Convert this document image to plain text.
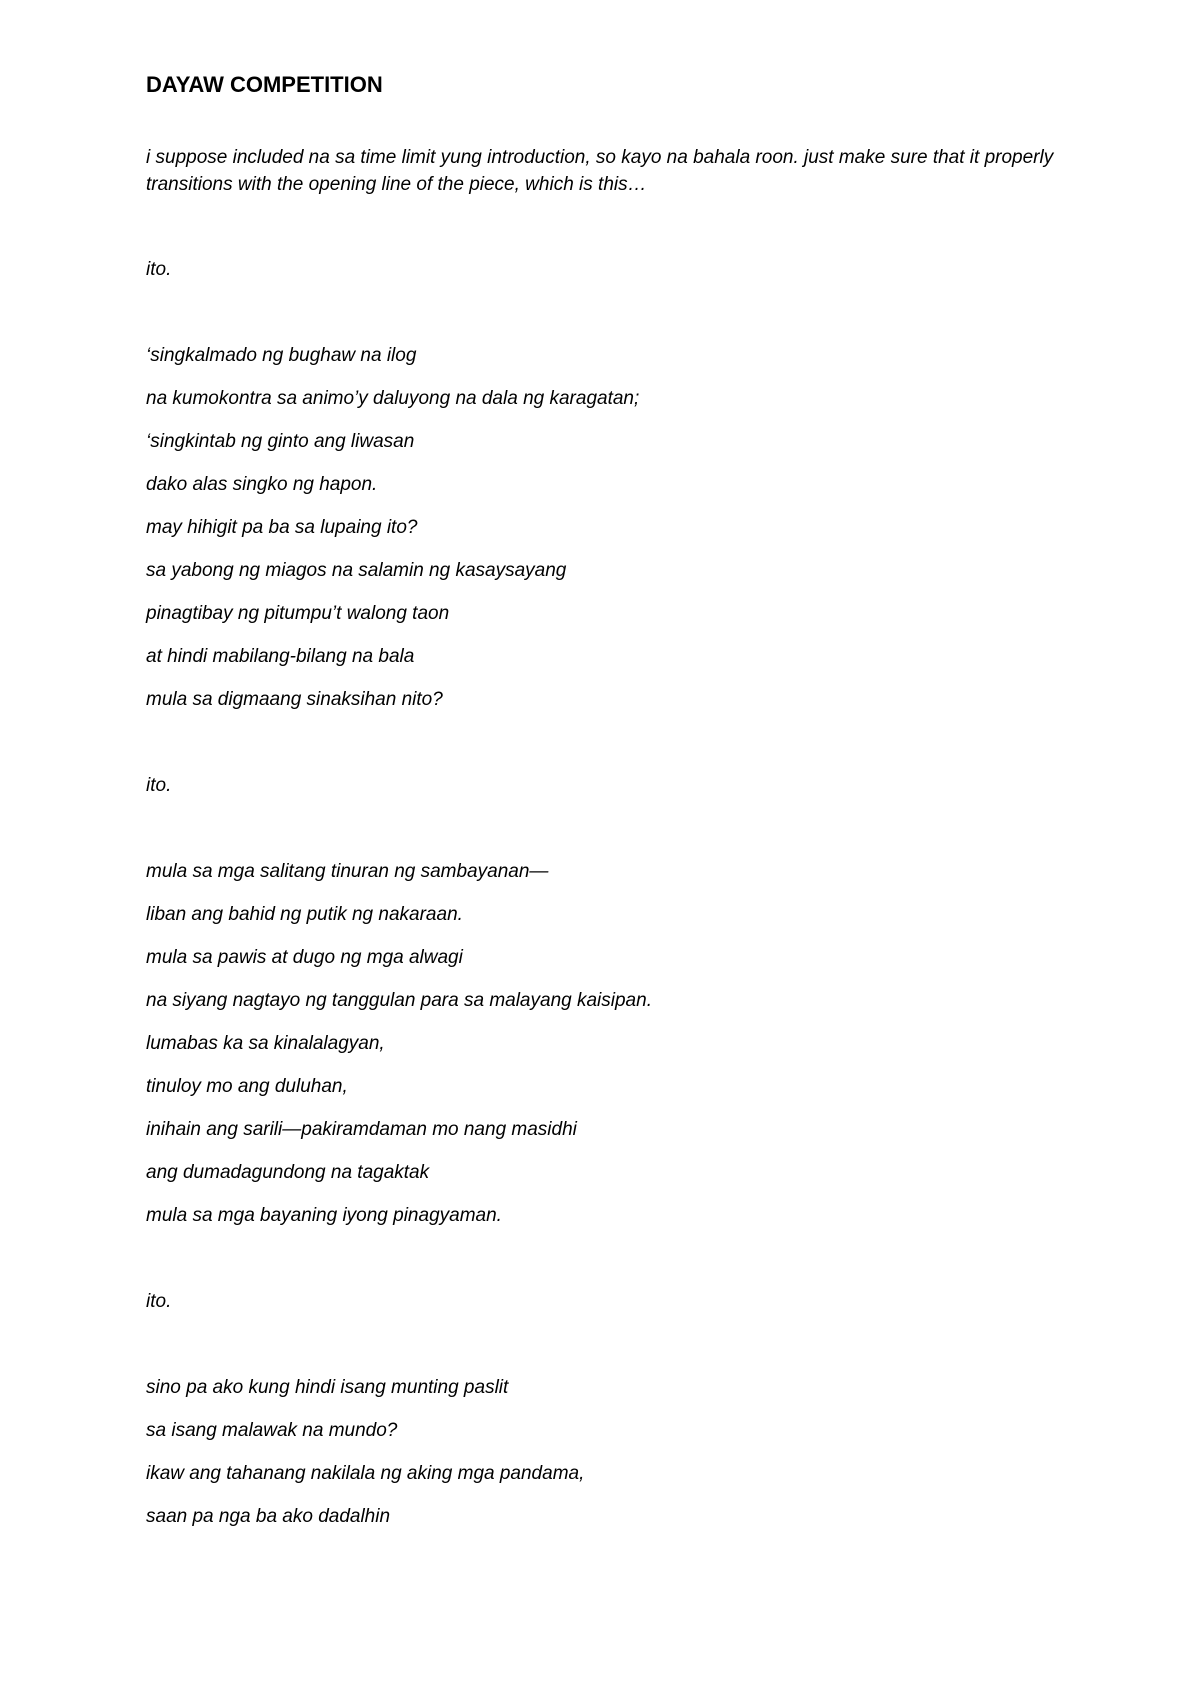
DAYAW COMPETITION
i suppose included na sa time limit yung introduction, so kayo na bahala roon. just make sure that it properly transitions with the opening line of the piece, which is this…
ito.
‘singkalmado ng bughaw na ilog
na kumokontra sa animo’y daluyong na dala ng karagatan;
‘singkintab ng ginto ang liwasan
dako alas singko ng hapon.
may hihigit pa ba sa lupaing ito?
sa yabong ng miagos na salamin ng kasaysayang
pinagtibay ng pitumpu’t walong taon
at hindi mabilang-bilang na bala
mula sa digmaang sinaksihan nito?
ito.
mula sa mga salitang tinuran ng sambayanan—
liban ang bahid ng putik ng nakaraan.
mula sa pawis at dugo ng mga alwagi
na siyang nagtayo ng tanggulan para sa malayang kaisipan.
lumabas ka sa kinalalagyan,
tinuloy mo ang duluhan,
inihain ang sarili—pakiramdaman mo nang masidhi
ang dumadagundong na tagaktak
mula sa mga bayaning iyong pinagyaman.
ito.
sino pa ako kung hindi isang munting paslit
sa isang malawak na mundo?
ikaw ang tahanang nakilala ng aking mga pandama,
saan pa nga ba ako dadalhin
